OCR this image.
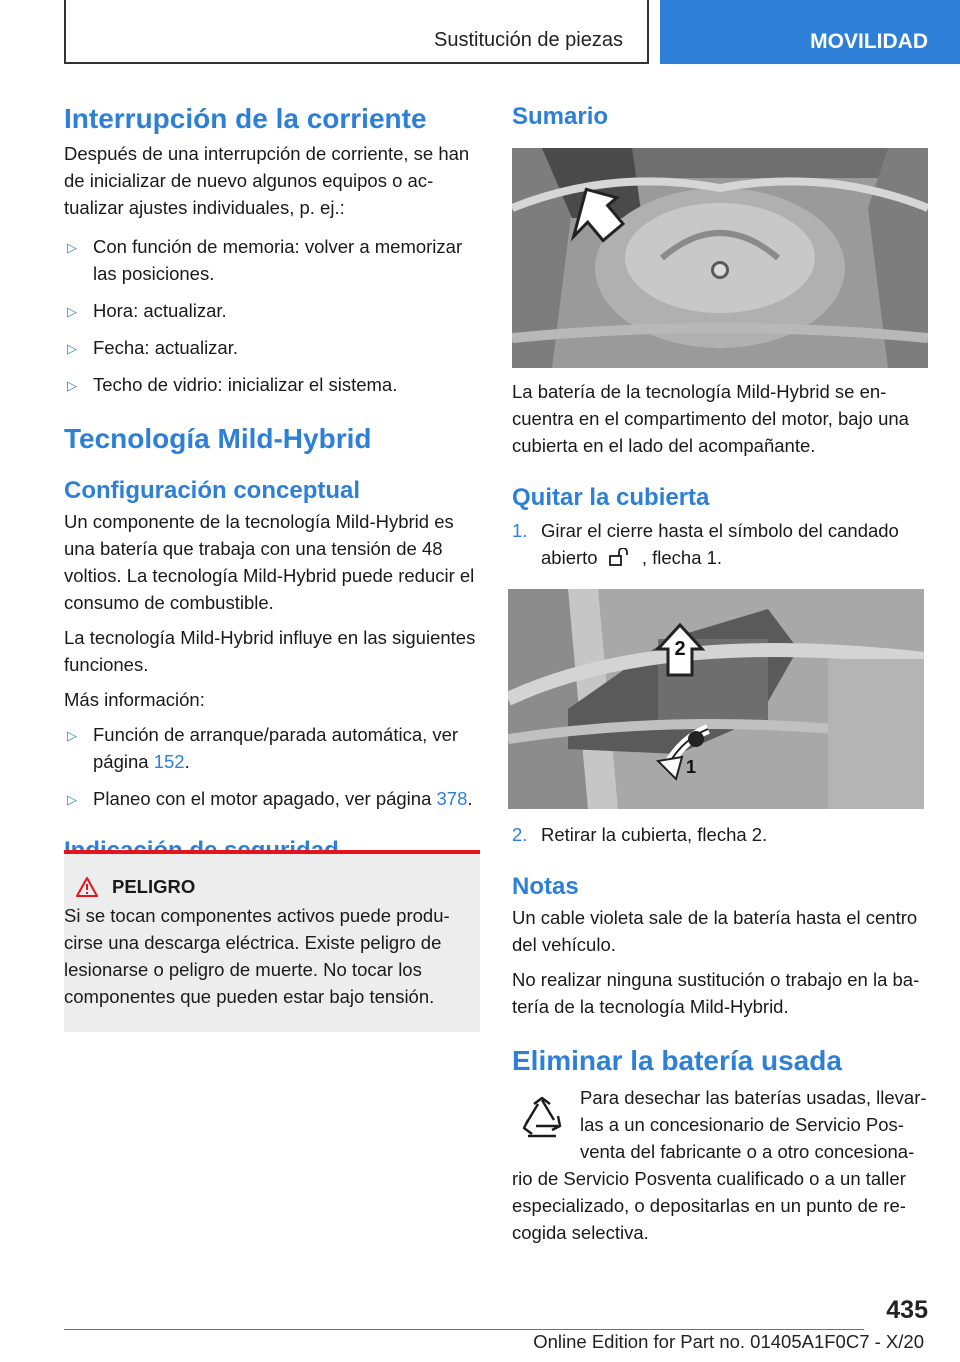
Sustitución de piezas	MOVILIDAD
Interrupción de la corriente

Después de una interrupción de corriente, se han de inicializar de nuevo algunos equipos o actualizar ajustes individuales, p. ej.:

▷ Con función de memoria: volver a memorizar las posiciones.
▷ Hora: actualizar.
▷ Fecha: actualizar.
▷ Techo de vidrio: inicializar el sistema.
Tecnología Mild-Hybrid
Configuración conceptual

Un componente de la tecnología Mild-Hybrid es una batería que trabaja con una tensión de 48 voltios. La tecnología Mild-Hybrid puede reducir el consumo de combustible.

La tecnología Mild-Hybrid influye en las siguientes funciones.

Más información:

▷ Función de arranque/parada automática, ver página 152.
▷ Planeo con el motor apagado, ver página 378.
PELIGRO

Si se tocan componentes activos puede producirse una descarga eléctrica. Existe peligro de lesionarse o peligro de muerte. No tocar los componentes que pueden estar bajo tensión.

Sumario

La batería de la tecnología Mild-Hybrid se encuentra en el compartimento del motor, bajo una cubierta en el lado del acompañante.

Quitar la cubierta
1. Girar el cierre hasta el símbolo del candado abierto  , flecha 1.
2
1
2. Retirar la cubierta, flecha 2.
Notas

Un cable violeta sale de la batería hasta el centro del vehículo.

No realizar ninguna sustitución o trabajo en la batería de la tecnología Mild-Hybrid.

Eliminar la batería usada

Para desechar las baterías usadas, llevarlas a un concesionario de Servicio Posventa del fabricante o a otro concesionario de Servicio Posventa cualificado o a un taller especializado, o depositarlas en un punto de recogida selectiva.

435
Online Edition for Part no. 01405A1F0C7 - X/20
